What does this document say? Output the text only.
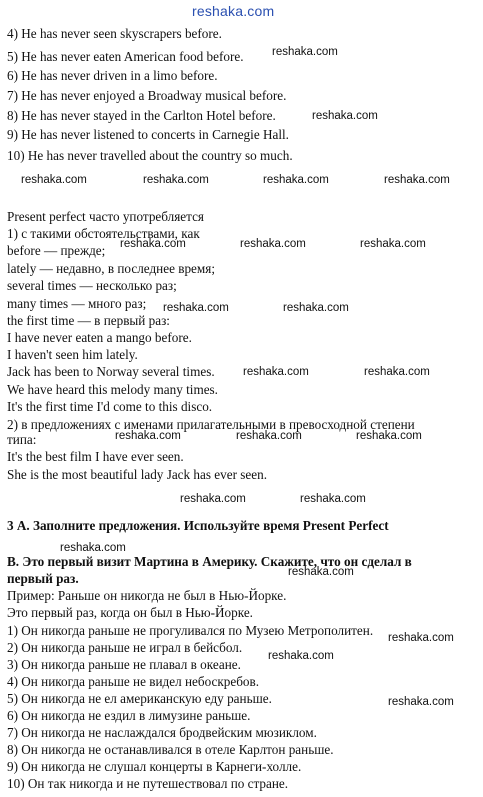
reshaka.com
4) He has never seen skyscrapers before.
5) He has never eaten American food before.
6) He has never driven in a limo before.
7) He has never enjoyed a Broadway musical before.
8) He has never stayed in the Carlton Hotel before.
9) He has never listened to concerts in Carnegie Hall.
10) He has never travelled about the country so much.
Present perfect часто употребляется
1) с такими обстоятельствами, как
before — прежде;
lately — недавно, в последнее время;
several times — несколько раз;
many times — много раз;
the first time — в первый раз:
I have never eaten a mango before.
I haven't seen him lately.
Jack has been to Norway several times.
We have heard this melody many times.
It's the first time I'd come to this disco.
2) в предложениях с именами прилагательными в превосходной степени
типа:
It's the best film I have ever seen.
She is the most beautiful lady Jack has ever seen.
3 А. Заполните предложения. Используйте время Present Perfect
В. Это первый визит Мартина в Америку. Скажите, что он сделал в
первый раз.
Пример: Раньше он никогда не был в Нью-Йорке.
Это первый раз, когда он был в Нью-Йорке.
1) Он никогда раньше не прогуливался по Музею Метрополитен.
2) Он никогда раньше не играл в бейсбол.
3) Он никогда раньше не плавал в океане.
4) Он никогда раньше не видел небоскребов.
5) Он никогда не ел американскую еду раньше.
6) Он никогда не ездил в лимузине раньше.
7) Он никогда не наслаждался бродвейским мюзиклом.
8) Он никогда не останавливался в отеле Карлтон раньше.
9) Он никогда не слушал концерты в Карнеги-холле.
10) Он так никогда и не путешествовал по стране.
reshaka.com
reshaka.com
reshaka.com	reshaka.com	reshaka.com	reshaka.com
reshaka.com	reshaka.com	reshaka.com
reshaka.com	reshaka.com
reshaka.com	reshaka.com
reshaka.com	reshaka.com	reshaka.com
reshaka.com	reshaka.com
reshaka.com
reshaka.com
reshaka.com
reshaka.com
reshaka.com
